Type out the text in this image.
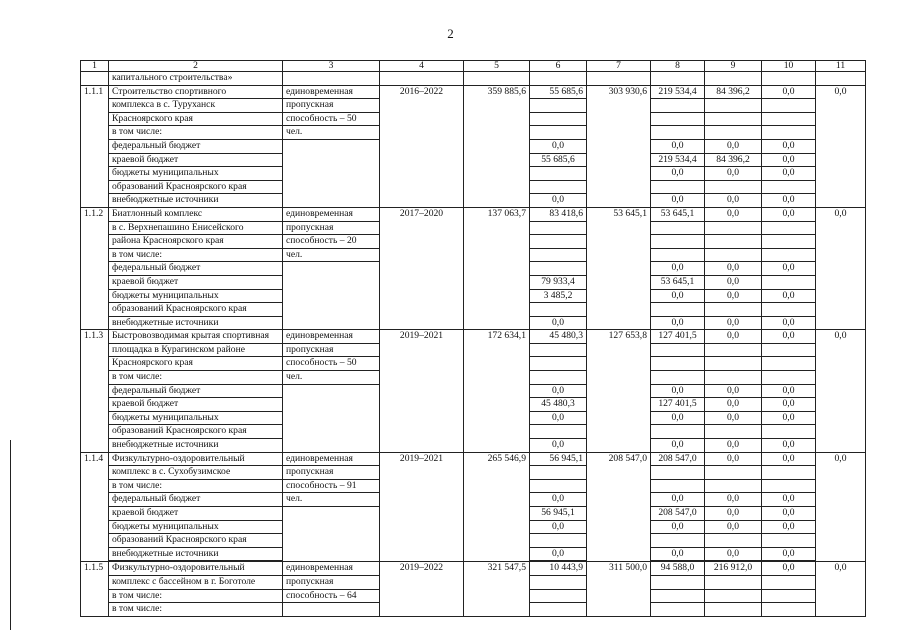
2
1	2	3	4	5	6	7	8	9	10	11
	капитального строительства»									
1.1.1	Строительство спортивного	единовременная	2016–2022	359 885,6	55 685,6	303 930,6	219 534,4	84 396,2	0,0	0,0
	комплекса в с. Туруханск	пропускная								
	Красноярского края	способность – 50								
	в том числе:	чел.								
	федеральный бюджет				0,0		0,0	0,0	0,0	
	краевой бюджет				55 685,6		219 534,4	84 396,2	0,0	
	бюджеты муниципальных						0,0	0,0	0,0	
	образований Красноярского края									
	внебюджетные источники				0,0		0,0	0,0	0,0	
1.1.2	Биатлонный комплекс	единовременная	2017–2020	137 063,7	83 418,6	53 645,1	53 645,1	0,0	0,0	0,0
	в с. Верхнепашино Енисейского	пропускная								
	района Красноярского края	способность – 20								
	в том числе:	чел.								
	федеральный бюджет						0,0	0,0	0,0	
	краевой бюджет				79 933,4		53 645,1	0,0		
	бюджеты муниципальных				3 485,2		0,0	0,0	0,0	
	образований Красноярского края									
	внебюджетные источники				0,0		0,0	0,0	0,0	
1.1.3	Быстровозводимая крытая спортивная	единовременная	2019–2021	172 634,1	45 480,3	127 653,8	127 401,5	0,0	0,0	0,0
	площадка в Курагинском районе	пропускная								
	Красноярского края	способность – 50								
	в том числе:	чел.								
	федеральный бюджет				0,0		0,0	0,0	0,0	
	краевой бюджет				45 480,3		127 401,5	0,0	0,0	
	бюджеты муниципальных				0,0		0,0	0,0	0,0	
	образований Красноярского края									
	внебюджетные источники				0,0		0,0	0,0	0,0	
1.1.4	Физкультурно-оздоровительный	единовременная	2019–2021	265 546,9	56 945,1	208 547,0	208 547,0	0,0	0,0	0,0
	комплекс в с. Сухобузимское	пропускная								
	в том числе:	способность – 91								
	федеральный бюджет	чел.			0,0		0,0	0,0	0,0	
	краевой бюджет				56 945,1		208 547,0	0,0	0,0	
	бюджеты муниципальных				0,0		0,0	0,0	0,0	
	образований Красноярского края									
	внебюджетные источники				0,0		0,0	0,0	0,0	

1.1.5	Физкультурно-оздоровительный	единовременная	2019–2022	321 547,5	10 443,9	311 500,0	94 588,0	216 912,0	0,0	0,0
	комплекс с бассейном в г. Боготоле	пропускная								
	в том числе:	способность – 64								
	в том числе:									
